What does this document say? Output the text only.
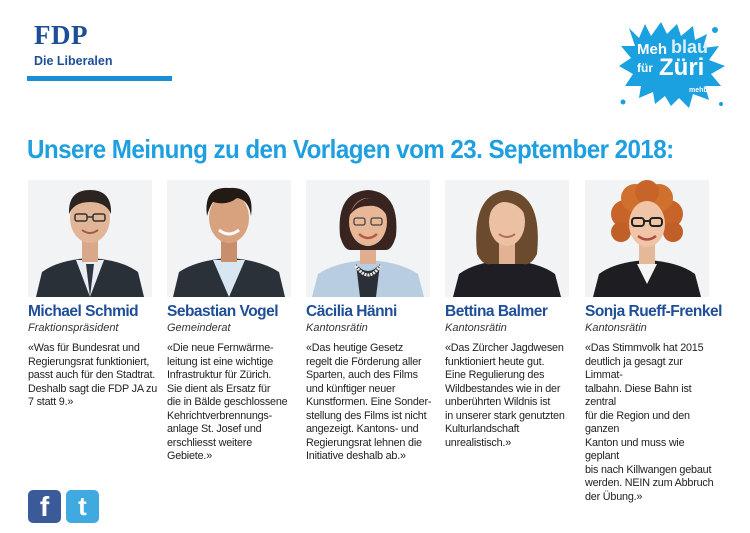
FDP
Die Liberalen
Meh blau
für Züri
mehblau
Unsere Meinung zu den Vorlagen vom 23. September 2018:
Michael Schmid
Fraktionspräsident
«Was für Bundesrat und
Regierungsrat funktioniert,
passt auch für den Stadtrat.
Deshalb sagt die FDP JA zu
7 statt 9.»
Sebastian Vogel
Gemeinderat
«Die neue Fernwärme-
leitung ist eine wichtige
Infrastruktur für Zürich.
Sie dient als Ersatz für
die in Bälde geschlossene
Kehrichtverbrennungs-
anlage St. Josef und
erschliesst weitere
Gebiete.»
Cäcilia Hänni
Kantonsrätin
«Das heutige Gesetz
regelt die Förderung aller
Sparten, auch des Films
und künftiger neuer
Kunstformen. Eine Sonder-
stellung des Films ist nicht
angezeigt. Kantons- und
Regierungsrat lehnen die
Initiative deshalb ab.»
Bettina Balmer
Kantonsrätin
«Das Zürcher Jagdwesen
funktioniert heute gut.
Eine Regulierung des
Wildbestandes wie in der
unberührten Wildnis ist
in unserer stark genutzten
Kulturlandschaft
unrealistisch.»
Sonja Rueff-Frenkel
Kantonsrätin
«Das Stimmvolk hat 2015
deutlich ja gesagt zur Limmat-
talbahn. Diese Bahn ist zentral
für die Region und den ganzen
Kanton und muss wie geplant
bis nach Killwangen gebaut
werden. NEIN zum Abbruch
der Übung.»
f t
